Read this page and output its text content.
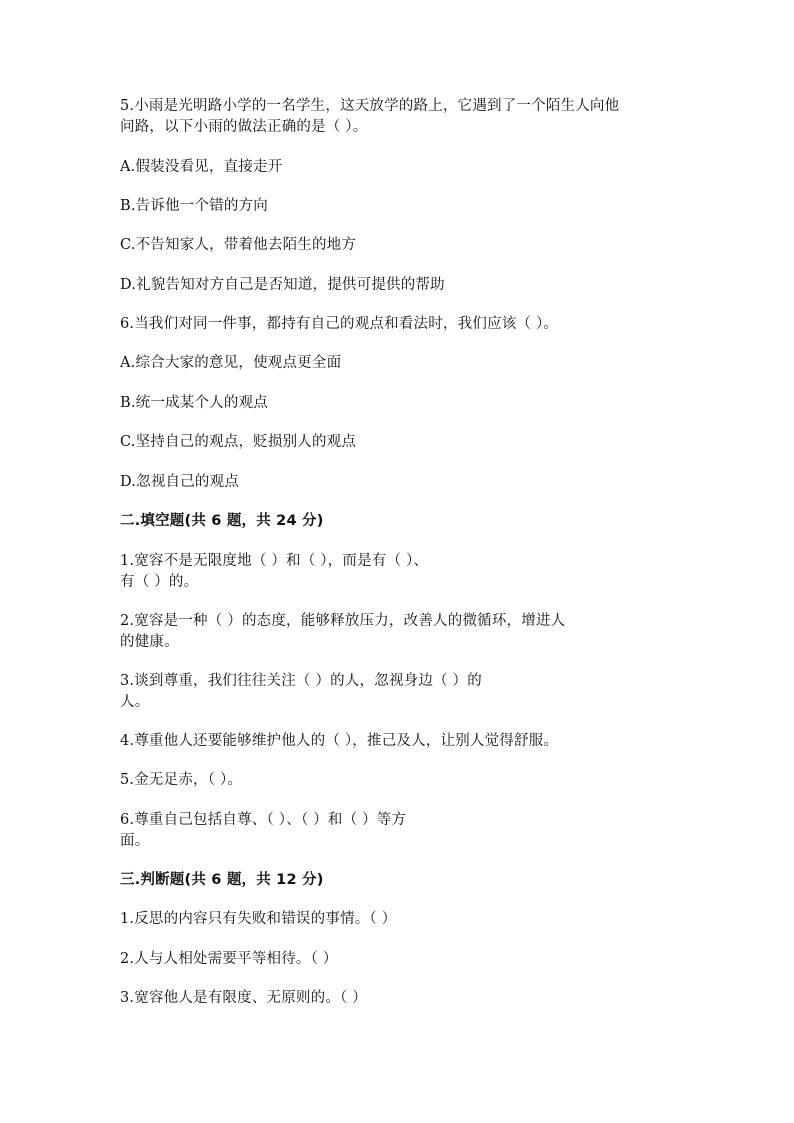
5.小雨是光明路小学的一名学生，这天放学的路上，它遇到了一个陌生人向他
问路，以下小雨的做法正确的是（ ）。
A.假装没看见，直接走开
B.告诉他一个错的方向
C.不告知家人，带着他去陌生的地方
D.礼貌告知对方自己是否知道，提供可提供的帮助
6.当我们对同一件事，都持有自己的观点和看法时，我们应该（ ）。
A.综合大家的意见，使观点更全面
B.统一成某个人的观点
C.坚持自己的观点，贬损别人的观点
D.忽视自己的观点
二.填空题(共 6 题，共 24 分)
1.宽容不是无限度地（ ）和（ ），而是有（ ）、
有（ ）的。
2.宽容是一种（ ）的态度，能够释放压力，改善人的微循环，增进人
的健康。
3.谈到尊重，我们往往关注（ ）的人，忽视身边（ ）的
人。
4.尊重他人还要能够维护他人的（ ），推己及人，让别人觉得舒服。
5.金无足赤，（ ）。
6.尊重自己包括自尊、（ ）、（ ）和（ ）等方
面。
三.判断题(共 6 题，共 12 分)
1.反思的内容只有失败和错误的事情。（ ）
2.人与人相处需要平等相待。（ ）
3.宽容他人是有限度、无原则的。（ ）
